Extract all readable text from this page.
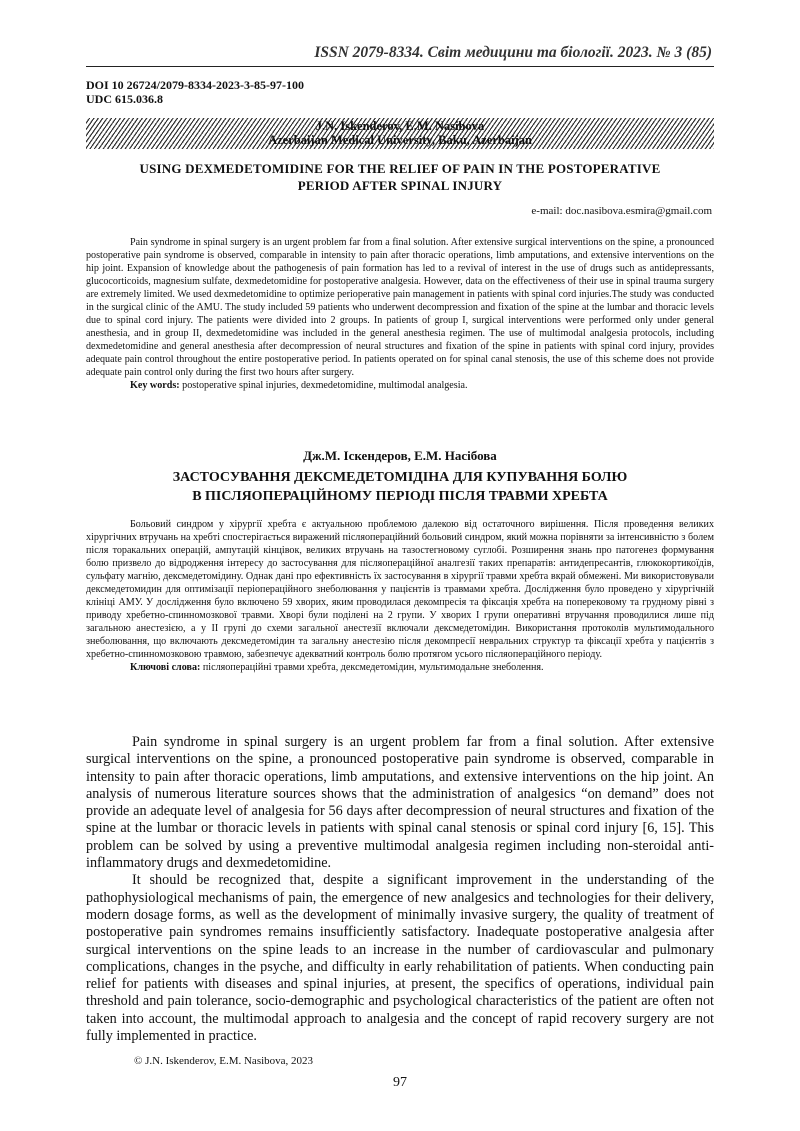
ISSN 2079-8334. Світ медицини та біології. 2023. № 3 (85)
DOI 10 26724/2079-8334-2023-3-85-97-100
UDC 615.036.8
J.N. Iskenderov, E.M. Nasibova
Azerbaijan Medical University, Baku, Azerbaijan
USING DEXMEDETOMIDINE FOR THE RELIEF OF PAIN IN THE POSTOPERATIVE
PERIOD AFTER SPINAL INJURY
e-mail: doc.nasibova.esmira@gmail.com

Pain syndrome in spinal surgery is an urgent problem far from a final solution. After extensive surgical interventions on the spine, a pronounced postoperative pain syndrome is observed, comparable in intensity to pain after thoracic operations, limb amputations, and extensive interventions on the hip joint. Expansion of knowledge about the pathogenesis of pain formation has led to a revival of interest in the use of drugs such as antidepressants, glucocorticoids, magnesium sulfate, dexmedetomidine for postoperative analgesia. However, data on the effectiveness of their use in spinal trauma surgery are extremely limited. We used dexmedetomidine to optimize perioperative pain management in patients with spinal cord injuries.The study was conducted in the surgical clinic of the AMU. The study included 59 patients who underwent decompression and fixation of the spine at the lumbar and thoracic levels due to spinal cord injury. The patients were divided into 2 groups. In patients of group I, surgical interventions were performed only under general anesthesia, and in group II, dexmedetomidine was included in the general anesthesia regimen. The use of multimodal analgesia protocols, including dexmedetomidine and general anesthesia after decompression of neural structures and fixation of the spine in patients with spinal cord injury, provides adequate pain control throughout the entire postoperative period. In patients operated on for spinal canal stenosis, the use of this scheme does not provide adequate pain control only during the first two hours after surgery.

Key words: postoperative spinal injuries, dexmedetomidine, multimodal analgesia.
Дж.М. Іскендеров, Е.М. Насібова
ЗАСТОСУВАННЯ ДЕКСМЕДЕТОМІДІНА ДЛЯ КУПУВАННЯ БОЛЮ
В ПІСЛЯОПЕРАЦІЙНОМУ ПЕРІОДІ ПІСЛЯ ТРАВМИ ХРЕБТА

Больовий синдром у хірургії хребта є актуальною проблемою далекою від остаточного вирішення. Після проведення великих хірургічних втручань на хребті спостерігається виражений післяопераційний больовий синдром, який можна порівняти за інтенсивністю з болем після торакальних операцій, ампутацій кінцівок, великих втручань на тазостегновому суглобі. Розширення знань про патогенез формування болю призвело до відродження інтересу до застосування для післяопераційної аналгезії таких препаратів: антидепресантів, глюкокортикоїдів, сульфату магнію, дексмедетомідину. Однак дані про ефективність їх застосування в хірургії травми хребта вкрай обмежені. Ми використовували дексмедетомидин для оптимізації періопераційного знеболювання у пацієнтів із травмами хребта. Дослідження було проведено у хірургічній клініці АМУ. У дослідження було включено 59 хворих, яким проводилася декомпресія та фіксація хребта на поперековому та грудному рівні з приводу хребетно-спинномозкової травми. Хворі були поділені на 2 групи. У хворих І групи оперативні втручання проводилися лише під загальною анестезією, а у ІІ групі до схеми загальної анестезії включали дексмедетомідин. Використання протоколів мультимодального знеболювання, що включають дексмедетомідин та загальну анестезію після декомпресії невральних структур та фіксації хребта у пацієнтів з хребетно-спинномозковою травмою, забезпечує адекватний контроль болю протягом усього післяопераційного періоду.

Ключові слова: післяопераційні травми хребта, дексмедетомідин, мультимодальне знеболення.

Pain syndrome in spinal surgery is an urgent problem far from a final solution. After extensive surgical interventions on the spine, a pronounced postoperative pain syndrome is observed, comparable in intensity to pain after thoracic operations, limb amputations, and extensive interventions on the hip joint. An analysis of numerous literature sources shows that the administration of analgesics “on demand” does not provide an adequate level of analgesia for 56 days after decompression of neural structures and fixation of the spine at the lumbar or thoracic levels in patients with spinal canal stenosis or spinal cord injury [6, 15]. This problem can be solved by using a preventive multimodal analgesia regimen including non-steroidal anti-inflammatory drugs and dexmedetomidine.

It should be recognized that, despite a significant improvement in the understanding of the pathophysiological mechanisms of pain, the emergence of new analgesics and technologies for their delivery, modern dosage forms, as well as the development of minimally invasive surgery, the quality of treatment of postoperative pain syndromes remains insufficiently satisfactory. Inadequate postoperative analgesia after surgical interventions on the spine leads to an increase in the number of cardiovascular and pulmonary complications, changes in the psyche, and difficulty in early rehabilitation of patients. When conducting pain relief for patients with diseases and spinal injuries, at present, the specifics of operations, individual pain threshold and pain tolerance, socio-demographic and psychological characteristics of the patient are often not taken into account, the multimodal approach to analgesia and the concept of rapid recovery surgery are not fully implemented in practice.

© J.N. Iskenderov, E.M. Nasibova, 2023
97
